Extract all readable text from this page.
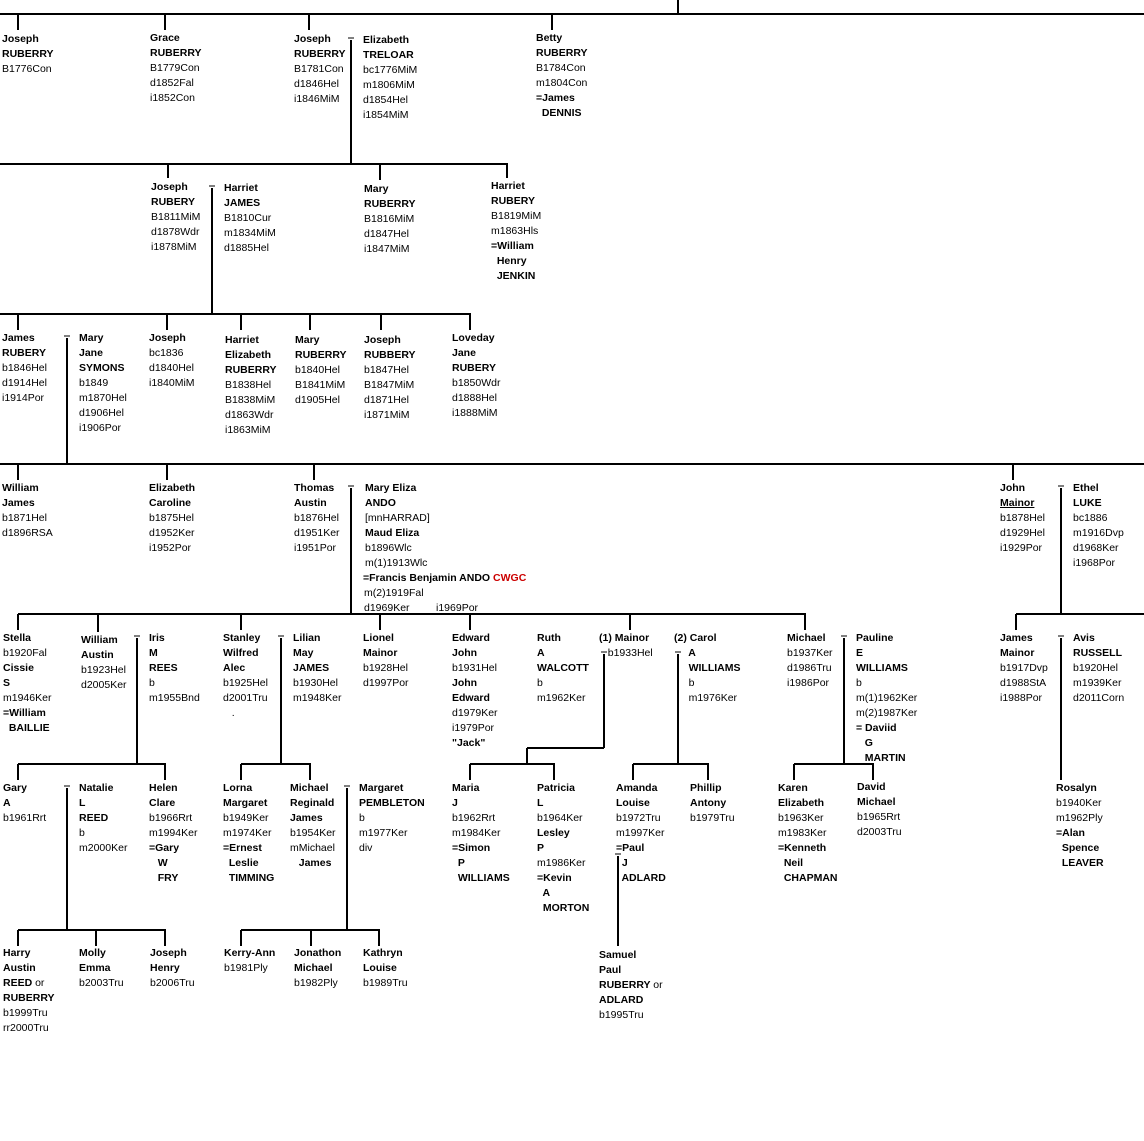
Joseph
RUBERRY
B1776Con
Grace
RUBERRY
B1779Con
d1852Fal
i1852Con
Joseph
RUBERRY
B1781Con
d1846Hel
i1846MiM
Elizabeth
TRELOAR
bc1776MiM
m1806MiM
d1854Hel
i1854MiM
Betty
RUBERRY
B1784Con
m1804Con
=James
DENNIS
Joseph
RUBERY
B1811MiM
d1878Wdr
i1878MiM
Harriet
JAMES
B1810Cur
m1834MiM
d1885Hel
Mary
RUBERRY
B1816MiM
d1847Hel
i1847MiM
Harriet
RUBERY
B1819MiM
m1863Hls
=William
Henry
JENKIN
James
RUBERY
b1846Hel
d1914Hel
i1914Por
Mary
Jane
SYMONS
b1849
m1870Hel
d1906Hel
i1906Por
Joseph
bc1836
d1840Hel
i1840MiM
Harriet
Elizabeth
RUBERRY
B1838Hel
B1838MiM
d1863Wdr
i1863MiM
Mary
RUBERRY
b1840Hel
B1841MiM
d1905Hel
Joseph
RUBBERY
b1847Hel
B1847MiM
d1871Hel
i1871MiM
Loveday
Jane
RUBERY
b1850Wdr
d1888Hel
i1888MiM
William
James
b1871Hel
d1896RSA
Elizabeth
Caroline
b1875Hel
d1952Ker
i1952Por
Thomas
Austin
b1876Hel
d1951Ker
i1951Por
Mary Eliza
ANDO
[mnHARRAD]
Maud Eliza
b1896Wlc
m(1)1913Wlc
John
Mainor
b1878Hel
d1929Hel
i1929Por
Ethel
LUKE
bc1886
m1916Dvp
d1968Ker
i1968Por
Stella
b1920Fal
Cissie
S
m1946Ker
=William
BAILLIE
William
Austin
b1923Hel
d2005Ker
Iris
M
REES
b
m1955Bnd
Stanley
Wilfred
Alec
b1925Hel
d2001Tru
.
Lilian
May
JAMES
b1930Hel
m1948Ker
Lionel
Mainor
b1928Hel
d1997Por
Edward
John
b1931Hel
John
Edward
d1979Ker
i1979Por
"Jack"
Ruth
A
WALCOTT
b
m1962Ker
(1) Mainor
b1933Hel
(2) Carol
A
WILLIAMS
b
m1976Ker
Michael
b1937Ker
d1986Tru
i1986Por
Pauline
E
WILLIAMS
b
m(1)1962Ker
m(2)1987Ker
= Daviid
G
MARTIN
James
Mainor
b1917Dvp
d1988StA
i1988Por
Avis
RUSSELL
b1920Hel
m1939Ker
d2011Corn
Gary
A
b1961Rrt
Natalie
L
REED
b
m2000Ker
Helen
Clare
b1966Rrt
m1994Ker
=Gary
W
FRY
Lorna
Margaret
b1949Ker
m1974Ker
=Ernest
Leslie
TIMMING
Michael
Reginald
James
b1954Ker
mMichael
James
Margaret
PEMBLETON
b
m1977Ker
div
Maria
J
b1962Rrt
m1984Ker
=Simon
P
WILLIAMS
Patricia
L
b1964Ker
Lesley
P
m1986Ker
=Kevin
A
MORTON
Amanda
Louise
b1972Tru
m1997Ker
=Paul
J
ADLARD
Phillip
Antony
b1979Tru
Karen
Elizabeth
b1963Ker
m1983Ker
=Kenneth
Neil
CHAPMAN
David
Michael
b1965Rrt
d2003Tru
Rosalyn
b1940Ker
m1962Ply
=Alan
Spence
LEAVER
Harry
Austin
REED or
RUBERRY
b1999Tru
rr2000Tru
Molly
Emma
b2003Tru
Joseph
Henry
b2006Tru
Kerry-Ann
b1981Ply
Jonathon
Michael
b1982Ply
Kathryn
Louise
b1989Tru
Samuel
Paul
RUBERRY or
ADLARD
b1995Tru
=Francis Benjamin ANDO CWGC
m(2)1919Fal
d1969Ker	i1969Por
